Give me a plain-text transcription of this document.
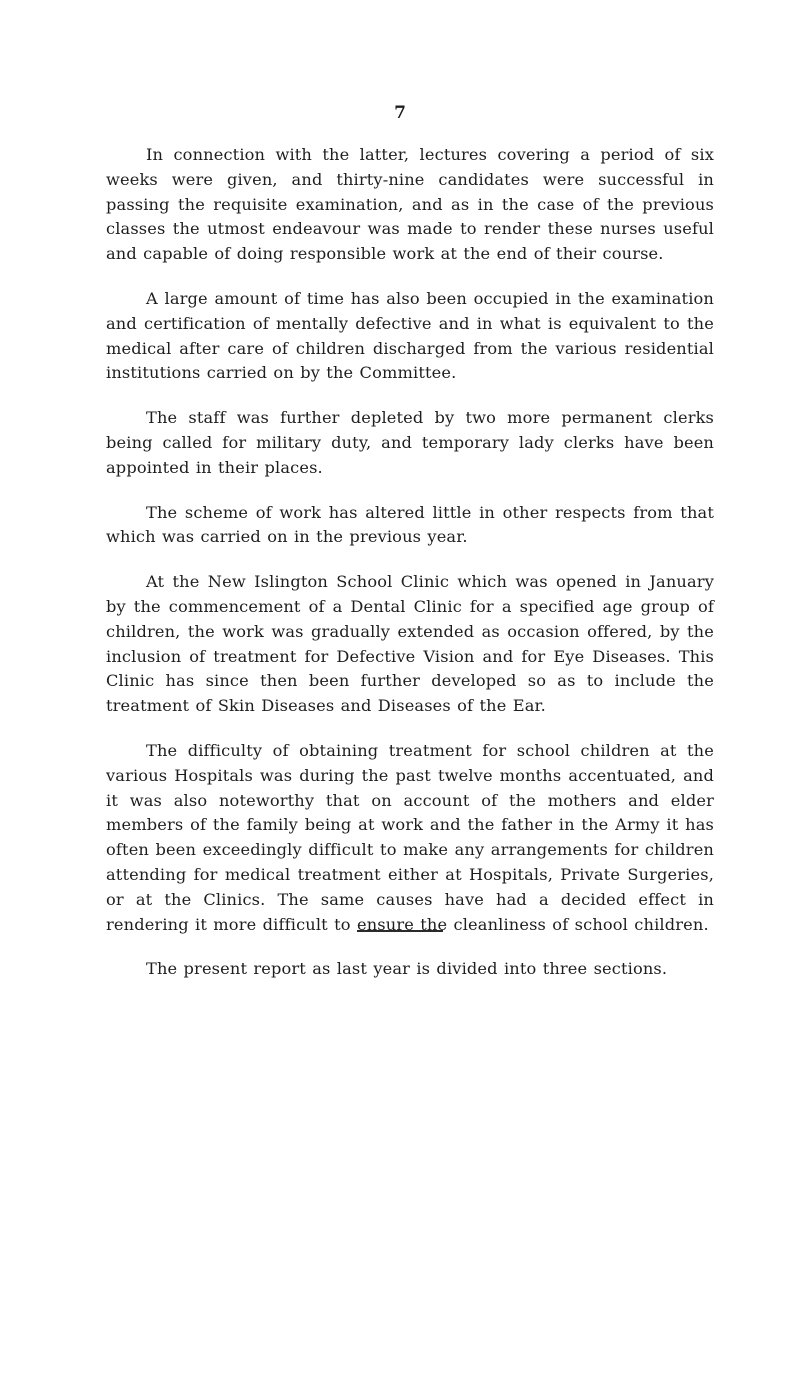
7

In connection with the latter, lectures covering a period of six weeks were given, and thirty-nine candidates were successful in passing the requisite examination, and as in the case of the previous classes the utmost endeavour was made to render these nurses useful and capable of doing responsible work at the end of their course.

A large amount of time has also been occupied in the examination and certification of mentally defective and in what is equivalent to the medical after care of children discharged from the various residential institutions carried on by the Committee.

The staff was further depleted by two more permanent clerks being called for military duty, and temporary lady clerks have been appointed in their places.

The scheme of work has altered little in other respects from that which was carried on in the previous year.

At the New Islington School Clinic which was opened in January by the commencement of a Dental Clinic for a specified age group of children, the work was gradually extended as occasion offered, by the inclusion of treatment for Defective Vision and for Eye Diseases. This Clinic has since then been further developed so as to include the treatment of Skin Diseases and Diseases of the Ear.

The difficulty of obtaining treatment for school children at the various Hospitals was during the past twelve months accentuated, and it was also noteworthy that on account of the mothers and elder members of the family being at work and the father in the Army it has often been exceedingly difficult to make any arrangements for children attending for medical treatment either at Hospitals, Private Surgeries, or at the Clinics. The same causes have had a decided effect in rendering it more difficult to ensure the cleanliness of school children.

The present report as last year is divided into three sections.
